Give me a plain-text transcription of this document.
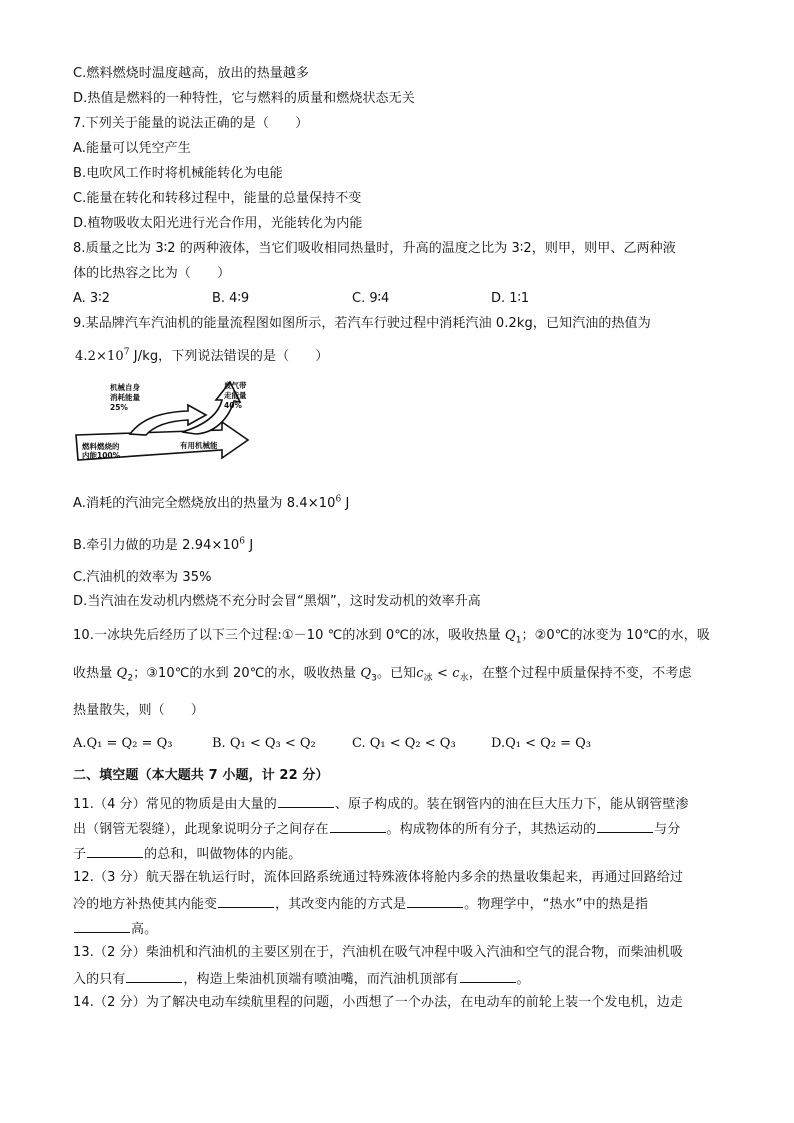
C.燃料燃烧时温度越高，放出的热量越多
D.热值是燃料的一种特性，它与燃料的质量和燃烧状态无关
7.下列关于能量的说法正确的是（　　）
A.能量可以凭空产生
B.电吹风工作时将机械能转化为电能
C.能量在转化和转移过程中，能量的总量保持不变
D.植物吸收太阳光进行光合作用，光能转化为内能
8.质量之比为 3∶2 的两种液体，当它们吸收相同热量时，升高的温度之比为 3∶2，则甲，则甲、乙两种液
体的比热容之比为（　　）
A. 3∶2	B. 4∶9	C. 9∶4	D. 1∶1
9.某品牌汽车汽油机的能量流程图如图所示，若汽车行驶过程中消耗汽油 0.2kg，已知汽油的热值为
$4.2\times 10^7$ J/kg，下列说法错误的是（　　）
机械自身
消耗能量
25%
废气带
走能量
40%
燃料燃烧的
内能100%
有用机械能
A.消耗的汽油完全燃烧放出的热量为 $8.4\times 10^6$ J
B.牵引力做的功是 $2.94\times 10^6$ J
C.汽油机的效率为 35%
D.当汽油在发动机内燃烧不充分时会冒“黑烟”，这时发动机的效率升高
10.一冰块先后经历了以下三个过程:①－10 ℃的冰到 0℃的冰，吸收热量 $Q_1$；②0℃的冰变为 10℃的水，吸
收热量 $Q_2$；③10℃的水到 20℃的水，吸收热量 $Q_3$。已知$c_冰 < c_水$，在整个过程中质量保持不变，不考虑
热量散失，则（　　）
A.Q₁ = Q₂ = Q₃	B. Q₁ < Q₃ < Q₂	C. Q₁ < Q₂ < Q₃	D.Q₁ < Q₂ = Q₃
二、填空题（本大题共 7 小题，计 22 分）
11.（4 分）常见的物质是由大量的	、原子构成的。装在钢管内的油在巨大压力下，能从钢管壁渗
出（钢管无裂缝），此现象说明分子之间存在	。构成物体的所有分子，其热运动的	与分
子	的总和，叫做物体的内能。
12.（3 分）航天器在轨运行时，流体回路系统通过特殊液体将舱内多余的热量收集起来，再通过回路给过
冷的地方补热使其内能变	，其改变内能的方式是	。物理学中，“热水”中的热是指
高。
13.（2 分）柴油机和汽油机的主要区别在于，汽油机在吸气冲程中吸入汽油和空气的混合物，而柴油机吸
入的只有	，构造上柴油机顶端有喷油嘴，而汽油机顶部有	。
14.（2 分）为了解决电动车续航里程的问题，小西想了一个办法，在电动车的前轮上装一个发电机，边走
